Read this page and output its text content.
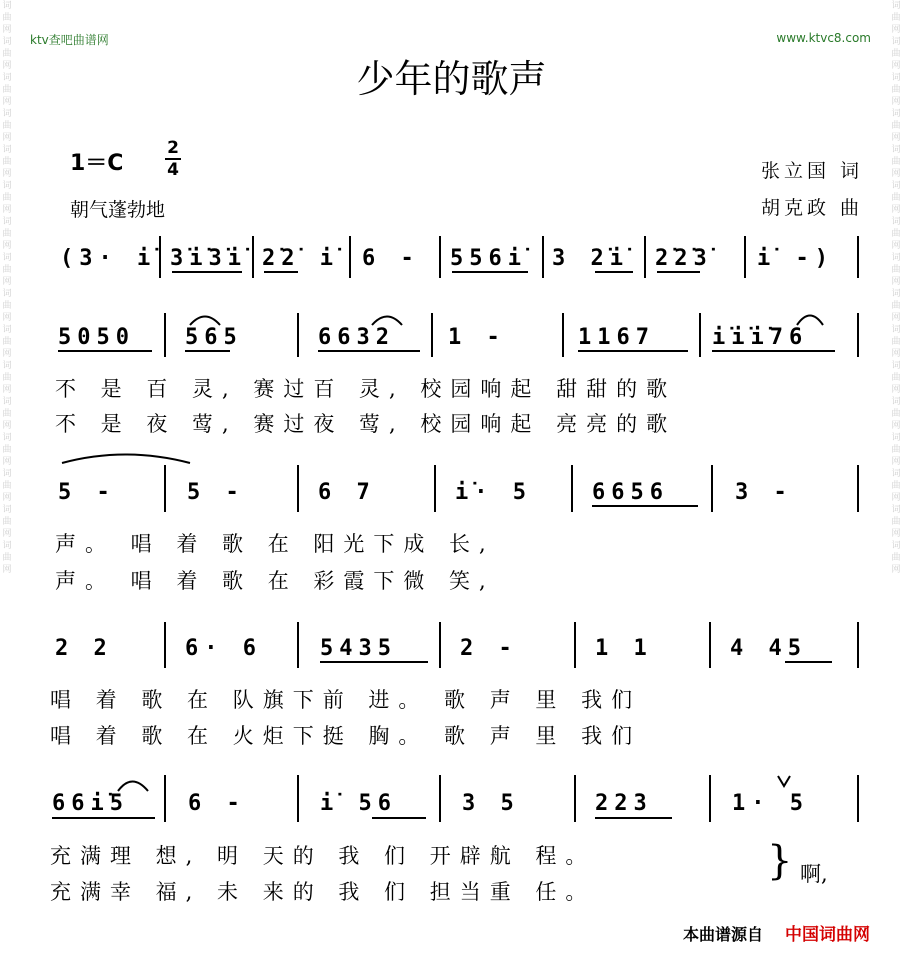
词曲网词曲网词曲网词曲网词曲网词曲网词曲网词曲网词曲网词曲网词曲网词曲网词曲网词曲网词曲网词曲网
词曲网词曲网词曲网词曲网词曲网词曲网词曲网词曲网词曲网词曲网词曲网词曲网词曲网词曲网词曲网词曲网
ktv查吧曲谱网	www.ktvc8.com
少年的歌声
1＝C
2
4
朝气蓬勃地
张立国 词
胡克政 曲
(3· i̇ 3̇i̇3̇i̇ 2̇2̇ i̇ 6 - 556i̇ 3 2̇i̇ 2̇2̇3̇ i̇ -)
5050 565	6632 1 -	1167	i̇i̇i̇76
不 是 百 灵, 赛过百 灵, 校园响起 甜甜的歌
不 是 夜 莺, 赛过夜 莺, 校园响起 亮亮的歌
5 -	5 -	6 7	i̇· 5	6656	3 -
声。 唱 着 歌 在 阳光下成 长,
声。 唱 着 歌 在 彩霞下微 笑,
2 2	6· 6	5435	2 -	1 1	4 45
唱 着 歌 在 队旗下前 进。 歌 声 里 我们
唱 着 歌 在 火炬下挺 胸。 歌 声 里 我们
66i̇5	6 -	i̇ 56	3 5	223	1· 5
充满理 想, 明 天的 我 们 开辟航 程。
充满幸 福, 未 来的 我 们 担当重 任。
} 啊,
本曲谱源自 中国词曲网
